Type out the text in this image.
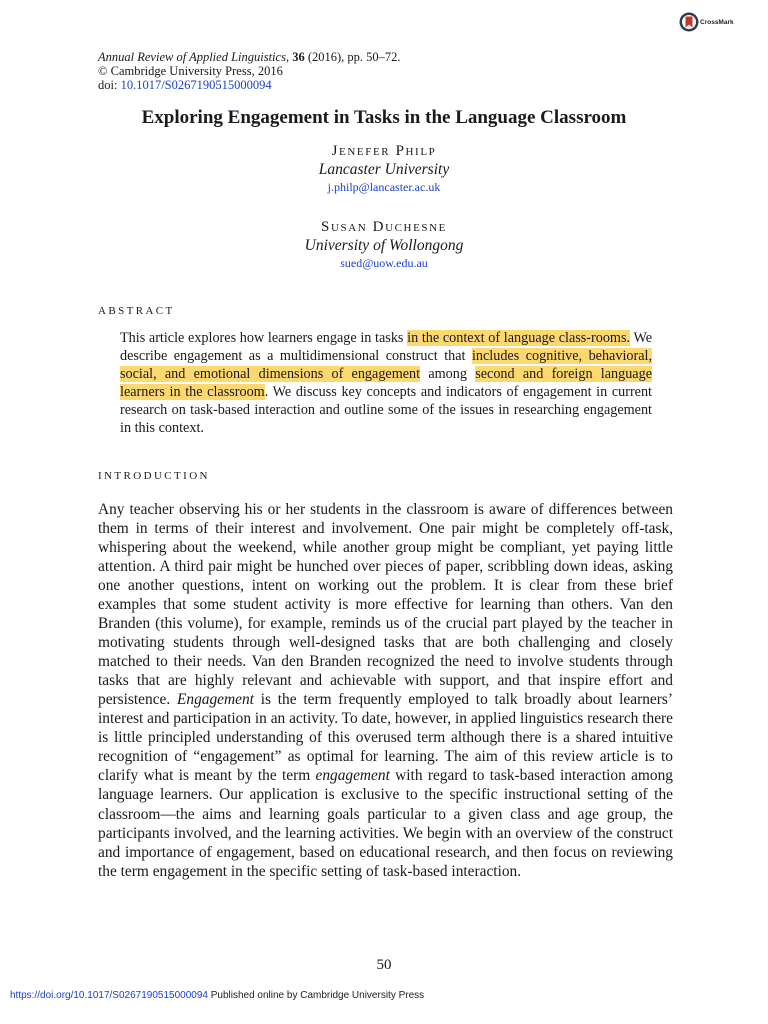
CrossMark
Annual Review of Applied Linguistics, 36 (2016), pp. 50–72.
© Cambridge University Press, 2016
doi: 10.1017/S0267190515000094
Exploring Engagement in Tasks in the Language Classroom
Jenefer Philp
Lancaster University
j.philp@lancaster.ac.uk
Susan Duchesne
University of Wollongong
sued@uow.edu.au
ABSTRACT
This article explores how learners engage in tasks in the context of language class-rooms. We describe engagement as a multidimensional construct that includes cognitive, behavioral, social, and emotional dimensions of engagement among second and foreign language learners in the classroom. We discuss key concepts and indicators of engagement in current research on task-based interaction and outline some of the issues in researching engagement in this context.
INTRODUCTION
Any teacher observing his or her students in the classroom is aware of differences between them in terms of their interest and involvement. One pair might be completely off-task, whispering about the weekend, while another group might be compliant, yet paying little attention. A third pair might be hunched over pieces of paper, scribbling down ideas, asking one another questions, intent on working out the problem. It is clear from these brief examples that some student activity is more effective for learning than others. Van den Branden (this volume), for example, reminds us of the crucial part played by the teacher in motivating students through well-designed tasks that are both challenging and closely matched to their needs. Van den Branden recognized the need to involve students through tasks that are highly relevant and achievable with support, and that inspire effort and persistence. Engagement is the term frequently employed to talk broadly about learners’ interest and participation in an activity. To date, however, in applied linguistics research there is little principled understanding of this overused term although there is a shared intuitive recognition of “engagement” as optimal for learning. The aim of this review article is to clarify what is meant by the term engagement with regard to task-based interaction among language learners. Our application is exclusive to the specific instructional setting of the classroom—the aims and learning goals particular to a given class and age group, the participants involved, and the learning activities. We begin with an overview of the construct and importance of engagement, based on educational research, and then focus on reviewing the term engagement in the specific setting of task-based interaction.
50
https://doi.org/10.1017/S0267190515000094 Published online by Cambridge University Press
